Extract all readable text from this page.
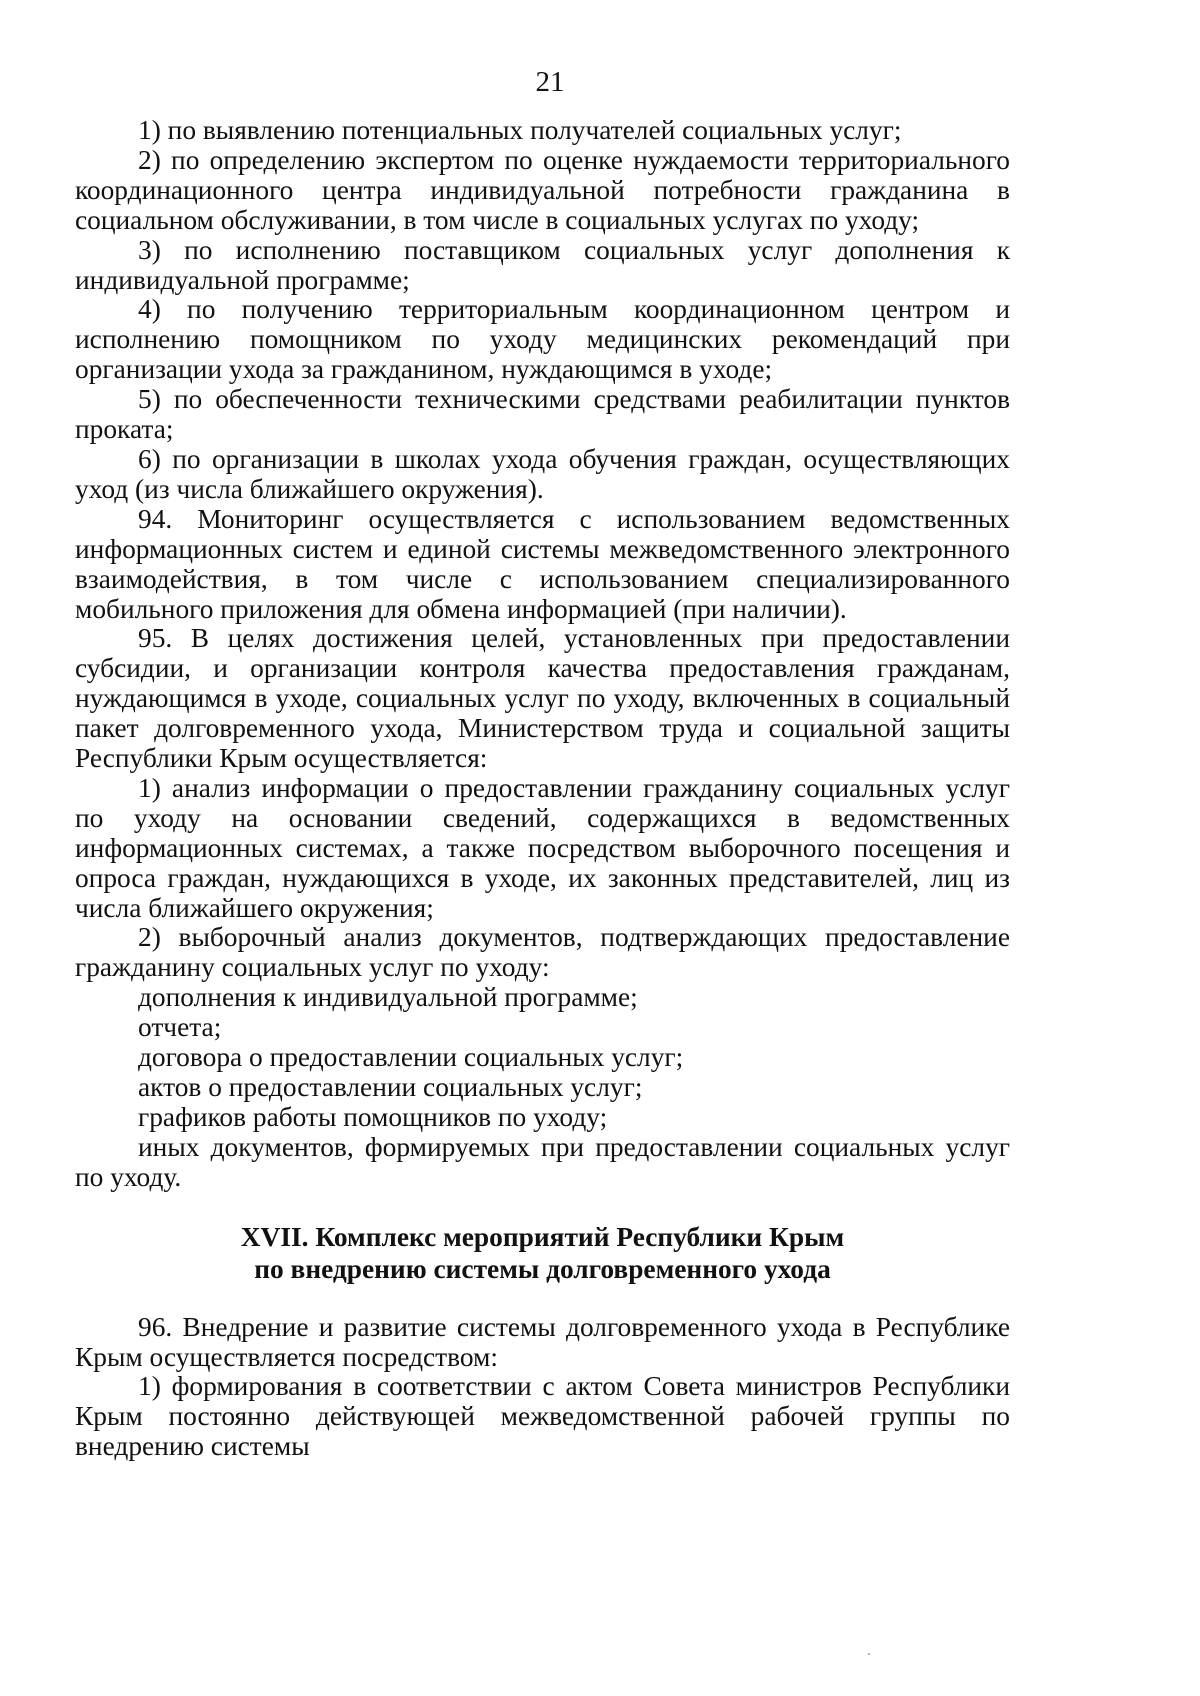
21

1) по выявлению потенциальных получателей социальных услуг;

2) по определению экспертом по оценке нуждаемости территориального координационного центра индивидуальной потребности гражданина в социальном обслуживании, в том числе в социальных услугах по уходу;

3) по исполнению поставщиком социальных услуг дополнения к индивидуальной программе;

4) по получению территориальным координационном центром и исполнению помощником по уходу медицинских рекомендаций при организации ухода за гражданином, нуждающимся в уходе;

5) по обеспеченности техническими средствами реабилитации пунктов проката;

6) по организации в школах ухода обучения граждан, осуществляющих уход (из числа ближайшего окружения).

94. Мониторинг осуществляется с использованием ведомственных информационных систем и единой системы межведомственного электронного взаимодействия, в том числе с использованием специализированного мобильного приложения для обмена информацией (при наличии).

95. В целях достижения целей, установленных при предоставлении субсидии, и организации контроля качества предоставления гражданам, нуждающимся в уходе, социальных услуг по уходу, включенных в социальный пакет долговременного ухода, Министерством труда и социальной защиты Республики Крым осуществляется:

1) анализ информации о предоставлении гражданину социальных услуг по уходу на основании сведений, содержащихся в ведомственных информационных системах, а также посредством выборочного посещения и опроса граждан, нуждающихся в уходе, их законных представителей, лиц из числа ближайшего окружения;

2) выборочный анализ документов, подтверждающих предоставление гражданину социальных услуг по уходу:

дополнения к индивидуальной программе;

отчета;

договора о предоставлении социальных услуг;

актов о предоставлении социальных услуг;

графиков работы помощников по уходу;

иных документов, формируемых при предоставлении социальных услуг по уходу.

XVII. Комплекс мероприятий Республики Крым
по внедрению системы долговременного ухода

96. Внедрение и развитие системы долговременного ухода в Республике Крым осуществляется посредством:

1) формирования в соответствии с актом Совета министров Республики Крым постоянно действующей межведомственной рабочей группы по внедрению системы
